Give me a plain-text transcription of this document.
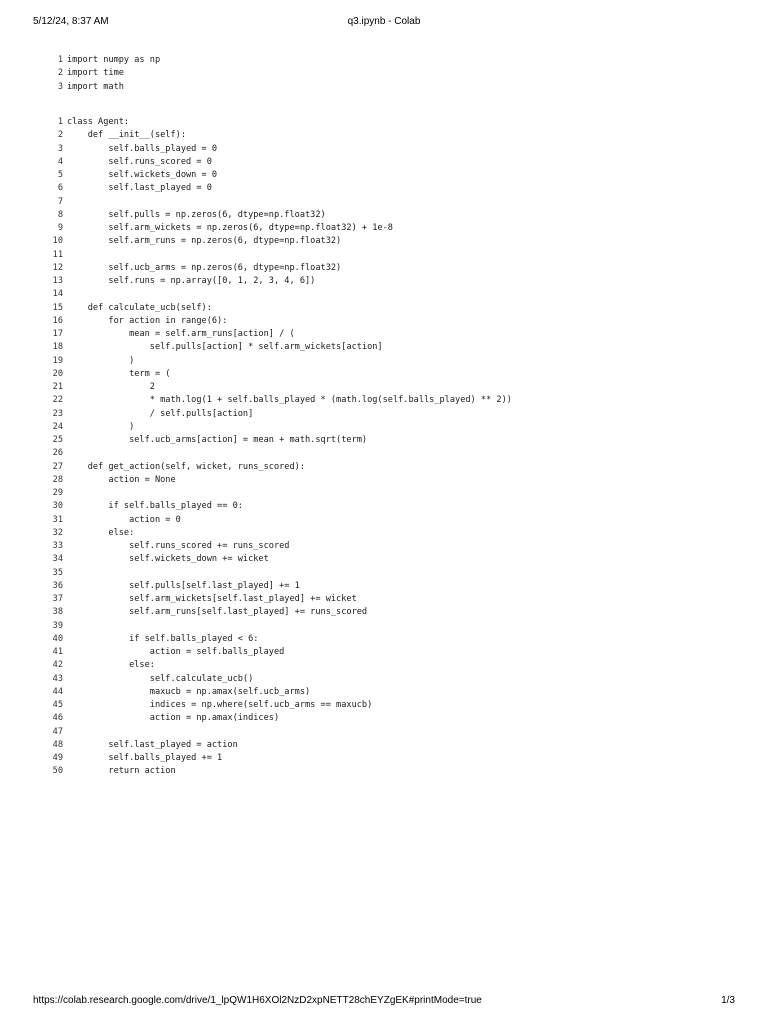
5/12/24, 8:37 AM	q3.ipynb - Colab
1 import numpy as np
2 import time
3 import math
1 class Agent:
2 def __init__(self):
3 self.balls_played = 0
4 self.runs_scored = 0
5 self.wickets_down = 0
6 self.last_played = 0
7
8 self.pulls = np.zeros(6, dtype=np.float32)
9 self.arm_wickets = np.zeros(6, dtype=np.float32) + 1e-8
10 self.arm_runs = np.zeros(6, dtype=np.float32)
11
12 self.ucb_arms = np.zeros(6, dtype=np.float32)
13 self.runs = np.array([0, 1, 2, 3, 4, 6])
14
15 def calculate_ucb(self):
16 for action in range(6):
17 mean = self.arm_runs[action] / (
18 self.pulls[action] * self.arm_wickets[action]
19 )
20 term = (
21 2
22 * math.log(1 + self.balls_played * (math.log(self.balls_played) ** 2))
23 / self.pulls[action]
24 )
25 self.ucb_arms[action] = mean + math.sqrt(term)
26
27 def get_action(self, wicket, runs_scored):
28 action = None
29
30 if self.balls_played == 0:
31 action = 0
32 else:
33 self.runs_scored += runs_scored
34 self.wickets_down += wicket
35
36 self.pulls[self.last_played] += 1
37 self.arm_wickets[self.last_played] += wicket
38 self.arm_runs[self.last_played] += runs_scored
39
40 if self.balls_played < 6:
41 action = self.balls_played
42 else:
43 self.calculate_ucb()
44 maxucb = np.amax(self.ucb_arms)
45 indices = np.where(self.ucb_arms == maxucb)
46 action = np.amax(indices)
47
48 self.last_played = action
49 self.balls_played += 1
50 return action
https://colab.research.google.com/drive/1_lpQW1H6XOl2NzD2xpNETT28chEYZgEK#printMode=true	1/3
